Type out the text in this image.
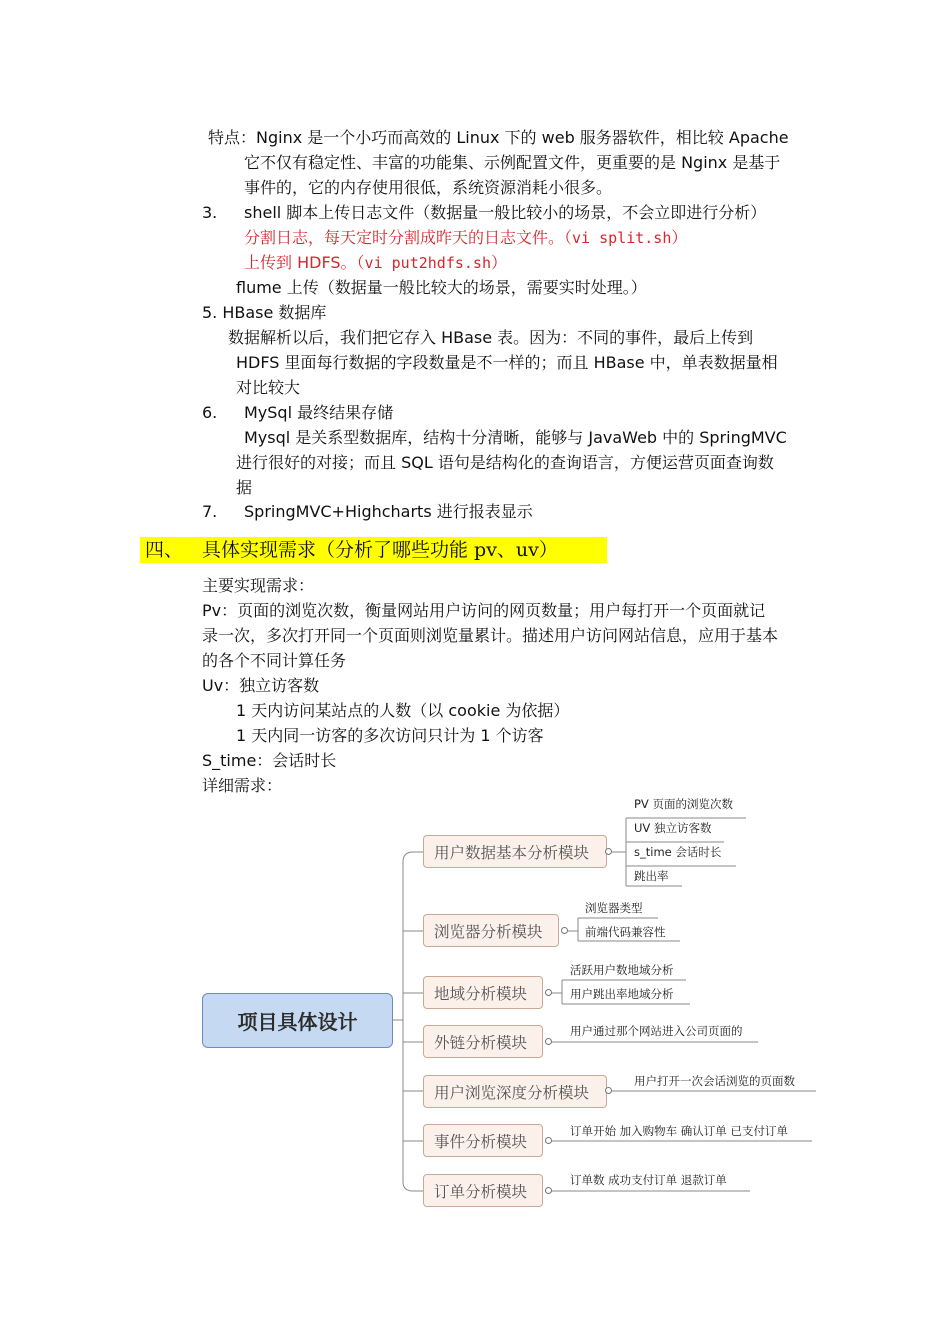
特点：Nginx 是一个小巧而高效的 Linux 下的 web 服务器软件，相比较 Apache
它不仅有稳定性、丰富的功能集、示例配置文件，更重要的是 Nginx 是基于
事件的，它的内存使用很低，系统资源消耗小很多。
3. shell 脚本上传日志文件（数据量一般比较小的场景，不会立即进行分析）
分割日志，每天定时分割成昨天的日志文件。（vi split.sh）
上传到 HDFS。（vi put2hdfs.sh）
flume 上传（数据量一般比较大的场景，需要实时处理。）
5. HBase 数据库
数据解析以后，我们把它存入 HBase 表。因为：不同的事件，最后上传到
HDFS 里面每行数据的字段数量是不一样的；而且 HBase 中，单表数据量相
对比较大
6. MySql 最终结果存储
Mysql 是关系型数据库，结构十分清晰，能够与 JavaWeb 中的 SpringMVC
进行很好的对接；而且 SQL 语句是结构化的查询语言，方便运营页面查询数
据
7. SpringMVC+Highcharts 进行报表显示
四、 具体实现需求（分析了哪些功能 pv、uv）
主要实现需求：
Pv：页面的浏览次数，衡量网站用户访问的网页数量；用户每打开一个页面就记
录一次，多次打开同一个页面则浏览量累计。描述用户访问网站信息，应用于基本
的各个不同计算任务
Uv：独立访客数
1 天内访问某站点的人数（以 cookie 为依据）
1 天内同一访客的多次访问只计为 1 个访客
S_time：会话时长
详细需求：
项目具体设计
用户数据基本分析模块
浏览器分析模块
地域分析模块
外链分析模块
用户浏览深度分析模块
事件分析模块
订单分析模块
PV 页面的浏览次数
UV 独立访客数
s_time 会话时长
跳出率
浏览器类型
前端代码兼容性
活跃用户数地域分析
用户跳出率地域分析
用户通过那个网站进入公司页面的
用户打开一次会话浏览的页面数
订单开始 加入购物车 确认订单 已支付订单
订单数 成功支付订单 退款订单
